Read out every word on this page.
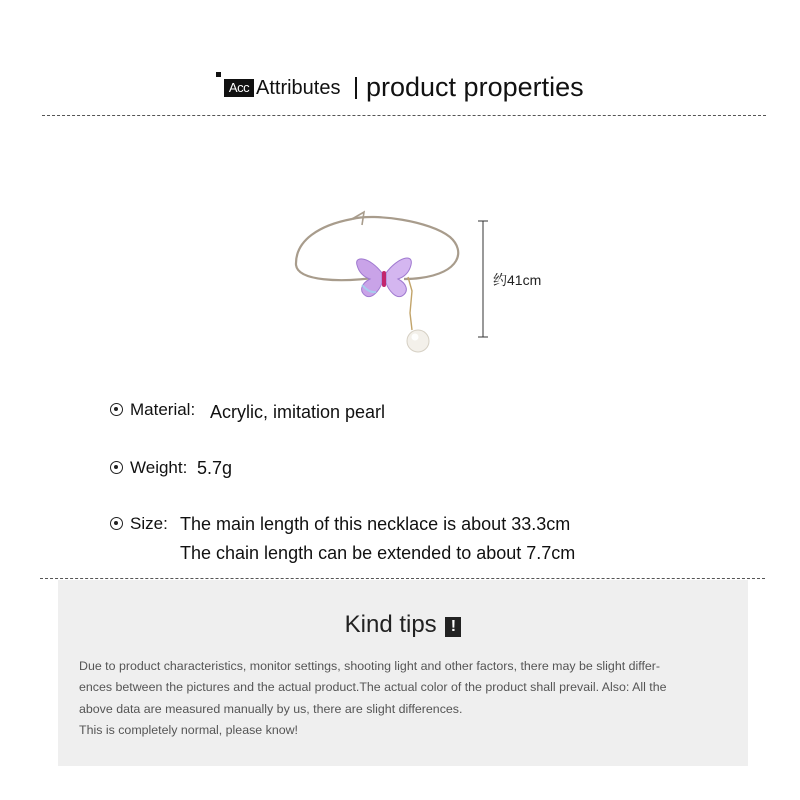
Acc Attributes product properties
约41cm
Material: Acrylic, imitation pearl
Weight: 5.7g
Size: The main length of this necklace is about 33.3cm
The chain length can be extended to about 7.7cm
Kind tips !
Due to product characteristics, monitor settings, shooting light and other factors, there may be slight differ-
ences between the pictures and the actual product.The actual color of the product shall prevail. Also: All the
above data are measured manually by us, there are slight differences.
This is completely normal, please know!
